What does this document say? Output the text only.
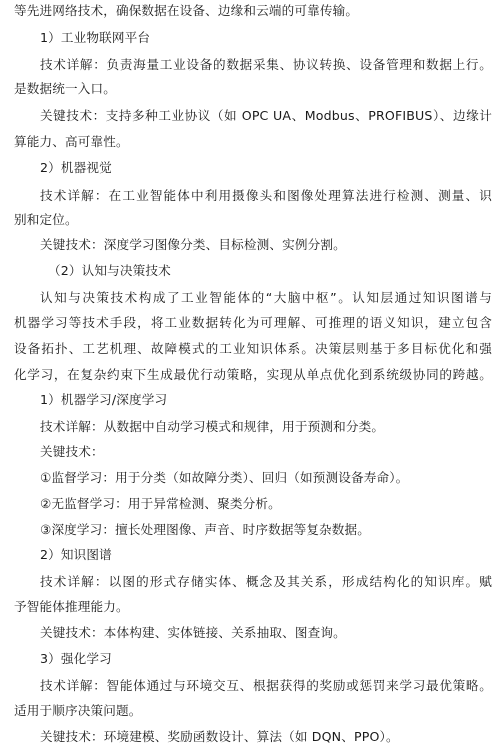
等先进网络技术，确保数据在设备、边缘和云端的可靠传输。
1）工业物联网平台
技术详解：负责海量工业设备的数据采集、协议转换、设备管理和数据上行。
是数据统一入口。
关键技术：支持多种工业协议（如 OPC UA、Modbus、PROFIBUS）、边缘计
算能力、高可靠性。
2）机器视觉
技术详解：在工业智能体中利用摄像头和图像处理算法进行检测、测量、识
别和定位。
关键技术：深度学习图像分类、目标检测、实例分割。
（2）认知与决策技术
认知与决策技术构成了工业智能体的“大脑中枢”。认知层通过知识图谱与
机器学习等技术手段，将工业数据转化为可理解、可推理的语义知识，建立包含
设备拓扑、工艺机理、故障模式的工业知识体系。决策层则基于多目标优化和强
化学习，在复杂约束下生成最优行动策略，实现从单点优化到系统级协同的跨越。
1）机器学习/深度学习
技术详解：从数据中自动学习模式和规律，用于预测和分类。
关键技术：
①监督学习：用于分类（如故障分类）、回归（如预测设备寿命）。
②无监督学习：用于异常检测、聚类分析。
③深度学习：擅长处理图像、声音、时序数据等复杂数据。
2）知识图谱
技术详解：以图的形式存储实体、概念及其关系，形成结构化的知识库。赋
予智能体推理能力。
关键技术：本体构建、实体链接、关系抽取、图查询。
3）强化学习
技术详解：智能体通过与环境交互、根据获得的奖励或惩罚来学习最优策略。
适用于顺序决策问题。
关键技术：环境建模、奖励函数设计、算法（如 DQN、PPO）。
